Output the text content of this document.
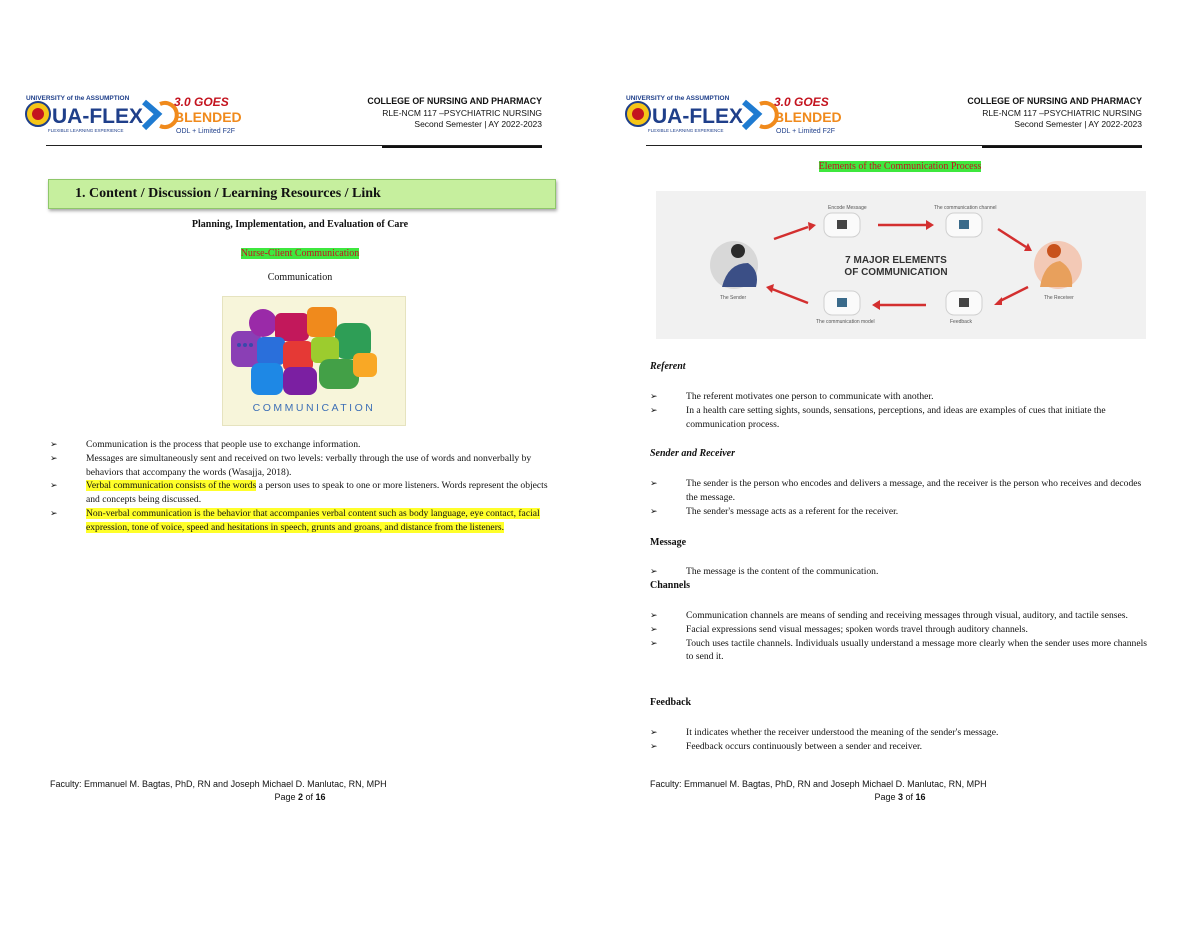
UNIVERSITY of the ASSUMPTION
UA-FLEX
FLEXIBLE LEARNING EXPERIENCE
3.0 GOES
BLENDED
ODL + Limited F2F
COLLEGE OF NURSING AND PHARMACY
RLE-NCM 117 –PSYCHIATRIC NURSING
Second Semester | AY 2022-2023
1. Content / Discussion / Learning Resources / Link
Planning, Implementation, and Evaluation of Care
Nurse-Client Communication
Communication
COMMUNICATION
➢	Communication is the process that people use to exchange information.
➢	Messages are simultaneously sent and received on two levels: verbally through the use of words and nonverbally by behaviors that accompany the words (Wasajja, 2018).
➢	Verbal communication consists of the words a person uses to speak to one or more listeners. Words represent the objects and concepts being discussed.
➢	Non-verbal communication is the behavior that accompanies verbal content such as body language, eye contact, facial expression, tone of voice, speed and hesitations in speech, grunts and groans, and distance from the listeners.
Faculty: Emmanuel M. Bagtas, PhD, RN and Joseph Michael D. Manlutac, RN, MPH
Page 2 of 16
UNIVERSITY of the ASSUMPTION
UA-FLEX
FLEXIBLE LEARNING EXPERIENCE
3.0 GOES
BLENDED
ODL + Limited F2F
COLLEGE OF NURSING AND PHARMACY
RLE-NCM 117 –PSYCHIATRIC NURSING
Second Semester | AY 2022-2023
Elements of the Communication Process
7 MAJOR ELEMENTS
OF COMMUNICATION
The Sender	The Receiver
Feedback
Encode Message	The communication channel
The communication model
Referent
➢	The referent motivates one person to communicate with another.
➢	In a health care setting sights, sounds, sensations, perceptions, and ideas are examples of cues that initiate the communication process.
Sender and Receiver
➢	The sender is the person who encodes and delivers a message, and the receiver is the person who receives and decodes the message.
➢	The sender's message acts as a referent for the receiver.
Message
➢	The message is the content of the communication.
Channels
➢	Communication channels are means of sending and receiving messages through visual, auditory, and tactile senses.
➢	Facial expressions send visual messages; spoken words travel through auditory channels.
➢	Touch uses tactile channels. Individuals usually understand a message more clearly when the sender uses more channels to send it.
Feedback
➢	It indicates whether the receiver understood the meaning of the sender's message.
➢	Feedback occurs continuously between a sender and receiver.
Faculty: Emmanuel M. Bagtas, PhD, RN and Joseph Michael D. Manlutac, RN, MPH
Page 3 of 16
